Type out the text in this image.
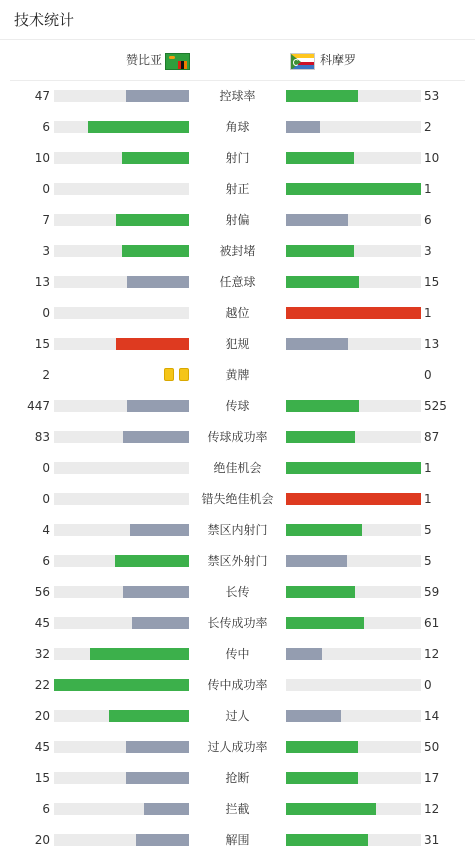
技术统计
赞比亚	科摩罗
47	控球率	53
6	角球	2
10	射门	10
0	射正	1
7	射偏	6
3	被封堵	3
13	任意球	15
0	越位	1
15	犯规	13
2	黄牌	0
447	传球	525
83	传球成功率	87
0	绝佳机会	1
0	错失绝佳机会	1
4	禁区内射门	5
6	禁区外射门	5
56	长传	59
45	长传成功率	61
32	传中	12
22	传中成功率	0
20	过人	14
45	过人成功率	50
15	抢断	17
6	拦截	12
20	解围	31
